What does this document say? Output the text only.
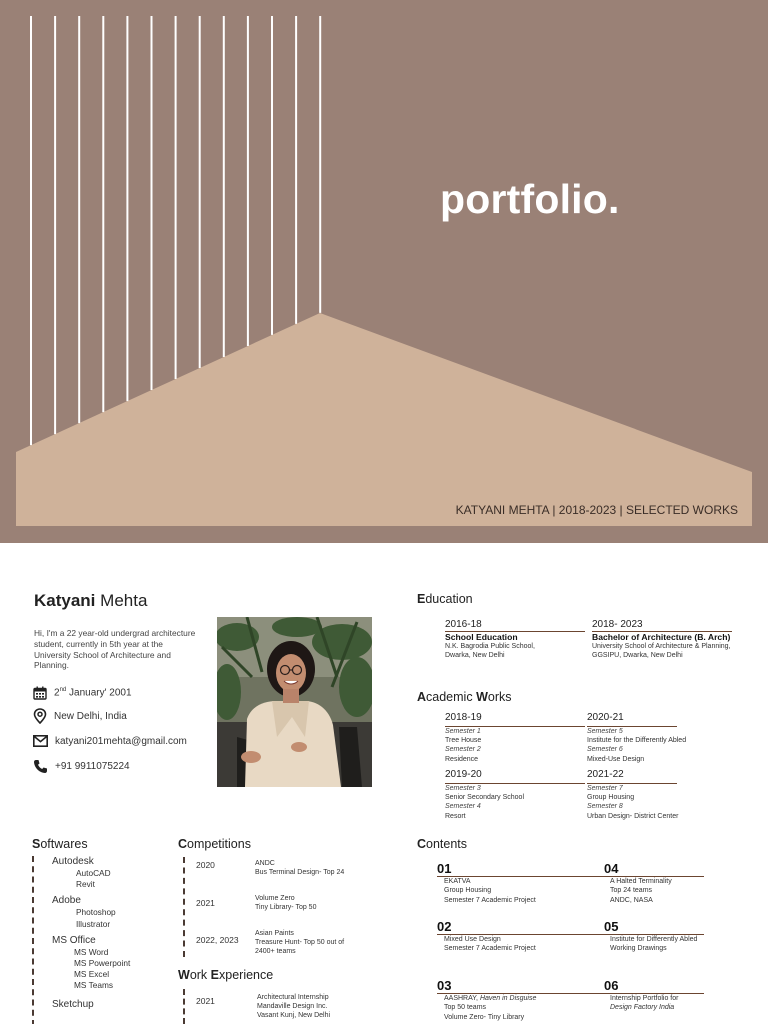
portfolio.
KATYANI MEHTA | 2018-2023 | SELECTED WORKS
Katyani Mehta
Hi, I'm a 22 year-old undergrad architecture student, currently in 5th year at the University School of Architecture and Planning.
2nd January' 2001
New Delhi, India
katyani201mehta@gmail.com
+91 9911075224
Education
2016-18
School Education
N.K. Bagrodia Public School,
Dwarka, New Delhi
2018- 2023
Bachelor of Architecture (B. Arch)
University School of Architecture & Planning,
GGSIPU, Dwarka, New Delhi
Academic Works
2018-19
Semester 1
Tree House
Semester 2
Residence
2020-21
Semester 5
Institute for the Differently Abled
Semester 6
Mixed-Use Design
2019-20
Semester 3
Senior Secondary School
Semester 4
Resort
2021-22
Semester 7
Group Housing
Semester 8
Urban Design- District Center
Softwares
Autodesk
AutoCAD
Revit
Adobe
Photoshop
Illustrator
MS Office
MS Word
MS Powerpoint
MS Excel
MS Teams
Sketchup
Competitions
2020	ANDC
Bus Terminal Design- Top 24
2021	Volume Zero
Tiny Library- Top 50
2022, 2023
Asian Paints
Treasure Hunt- Top 50 out of
2400+ teams
Work Experience
2021	Architectural Internship
Mandaville Design Inc.
Vasant Kunj, New Delhi
Contents
01
EKATVA
Group Housing
Semester 7 Academic Project
04
A Halted Terminality
Top 24 teams
ANDC, NASA
02
Mixed Use Design
Semester 7 Academic Project
05
Institute for Differently Abled
Working Drawings
03
AASHRAY, Haven in Disguise
Top 50 teams
Volume Zero- Tiny Library
06
Internship Portfolio for
Design Factory India
